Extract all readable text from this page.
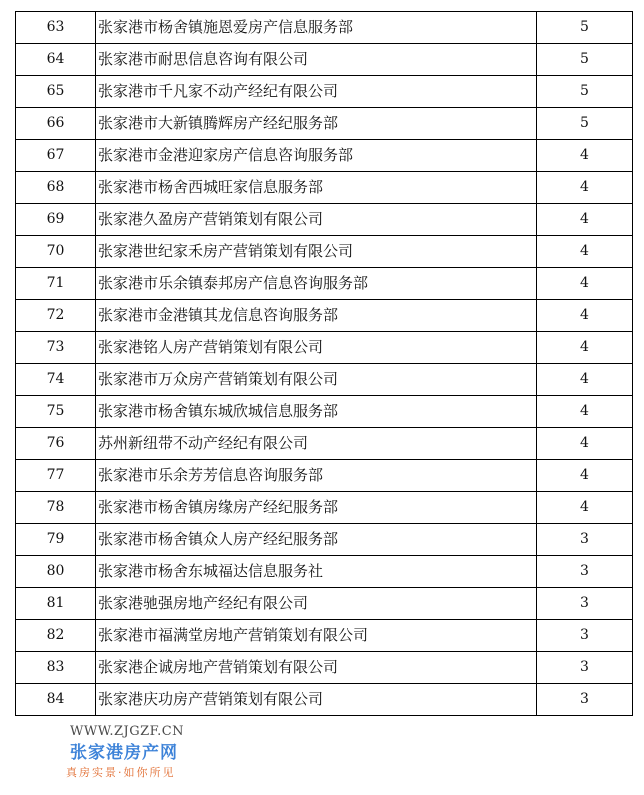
63	张家港市杨舍镇施恩爱房产信息服务部	5
64	张家港市耐思信息咨询有限公司	5
65	张家港市千凡家不动产经纪有限公司	5
66	张家港市大新镇腾辉房产经纪服务部	5
67	张家港市金港迎家房产信息咨询服务部	4
68	张家港市杨舍西城旺家信息服务部	4
69	张家港久盈房产营销策划有限公司	4
70	张家港世纪家禾房产营销策划有限公司	4
71	张家港市乐余镇泰邦房产信息咨询服务部	4
72	张家港市金港镇其龙信息咨询服务部	4
73	张家港铭人房产营销策划有限公司	4
74	张家港市万众房产营销策划有限公司	4
75	张家港市杨舍镇东城欣城信息服务部	4
76	苏州新纽带不动产经纪有限公司	4
77	张家港市乐余芳芳信息咨询服务部	4
78	张家港市杨舍镇房缘房产经纪服务部	4
79	张家港市杨舍镇众人房产经纪服务部	3
80	张家港市杨舍东城福达信息服务社	3
81	张家港驰强房地产经纪有限公司	3
82	张家港市福满堂房地产营销策划有限公司	3
83	张家港企诚房地产营销策划有限公司	3
84	张家港庆功房产营销策划有限公司	3
WWW.ZJGZF.CN
张家港房产网
真房实景·如你所见
